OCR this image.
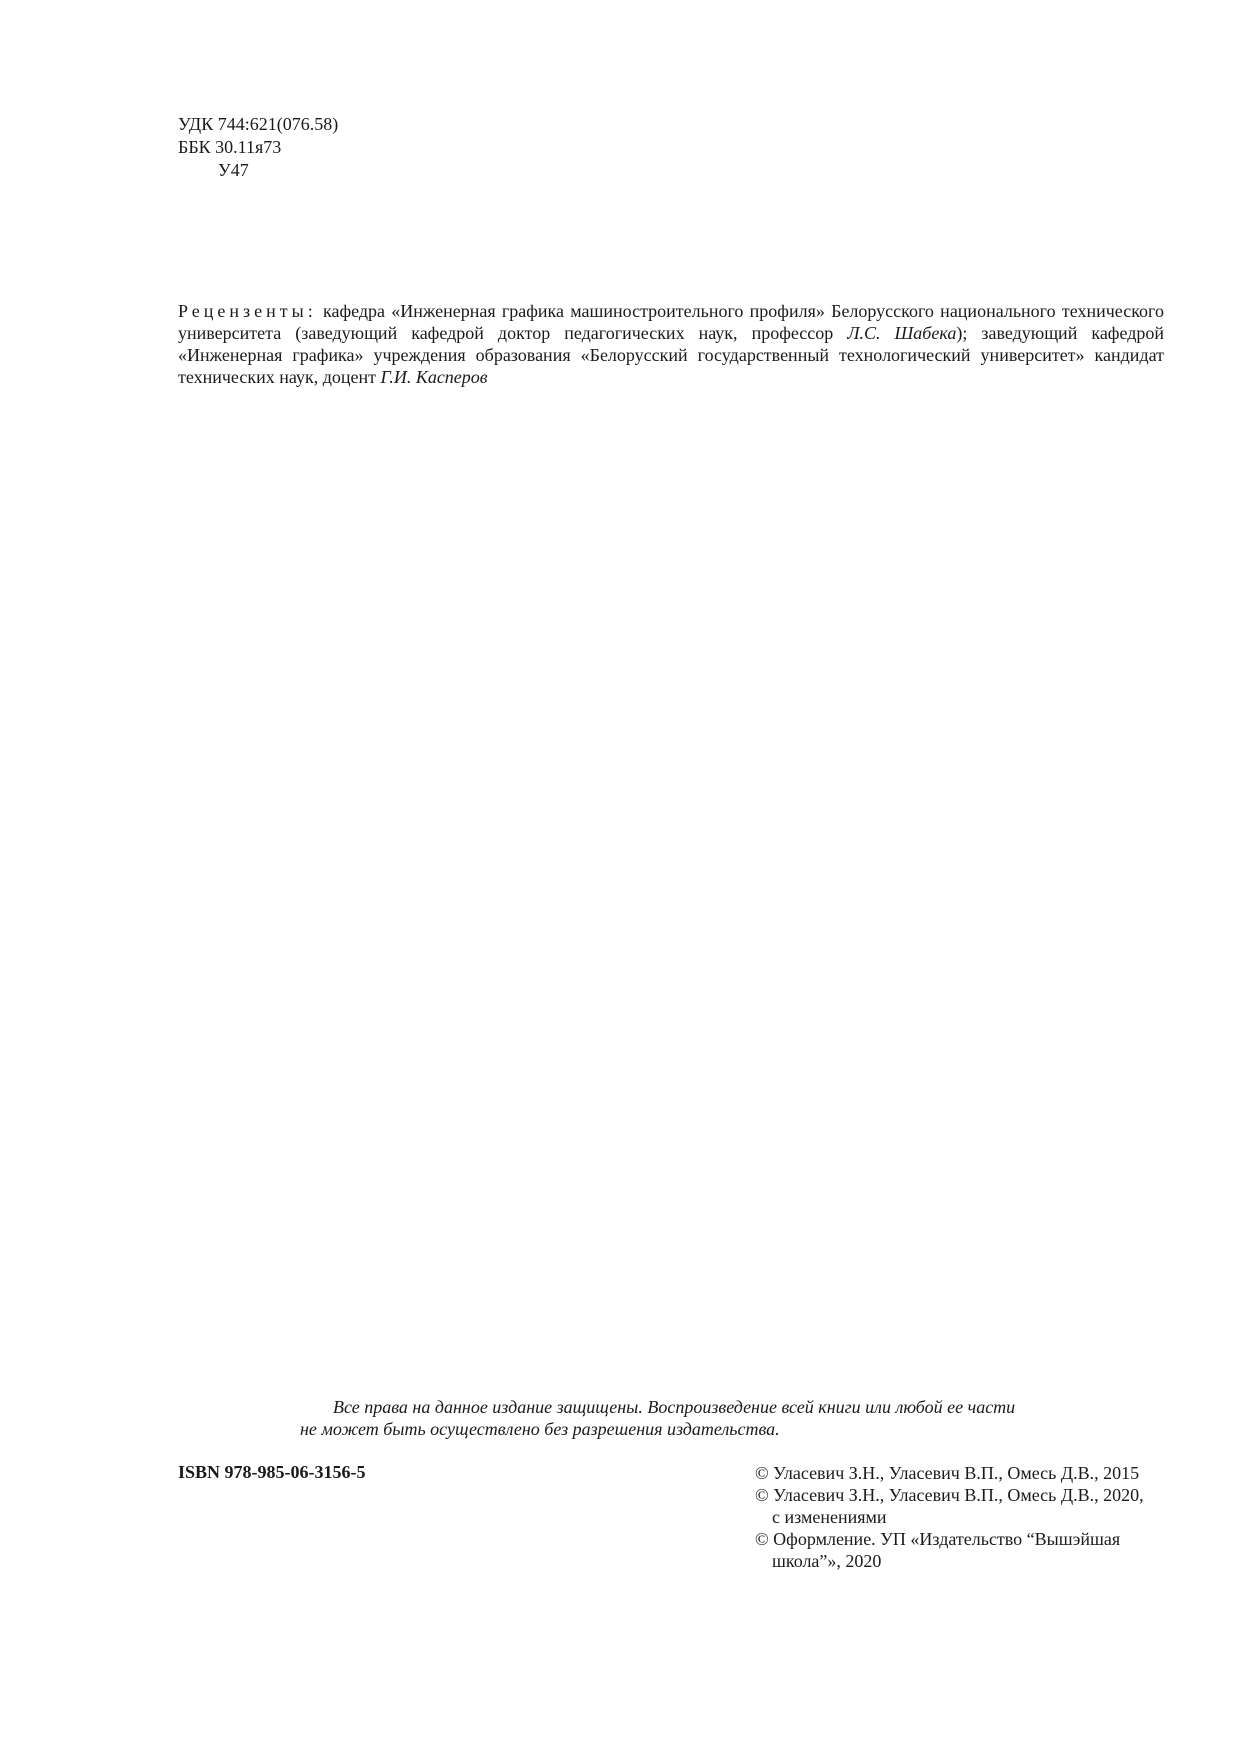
УДК 744:621(076.58)
ББК 30.11я73
У47
Рецензенты: кафедра «Инженерная графика машиностроительного профиля» Белорусского национального технического университета (заведующий кафедрой доктор педагогических наук, профессор Л.С. Шабека); заведующий кафедрой «Инженерная графика» учреждения образования «Белорусский государственный технологический университет» кандидат технических наук, доцент Г.И. Касперов
Все права на данное издание защищены. Воспроизведение всей книги или любой ее части
не может быть осуществлено без разрешения издательства.
ISBN 978-985-06-3156-5	© Уласевич З.Н., Уласевич В.П., Омесь Д.В., 2015
© Уласевич З.Н., Уласевич В.П., Омесь Д.В., 2020,
с изменениями
© Оформление. УП «Издательство “Вышэйшая
школа”», 2020
